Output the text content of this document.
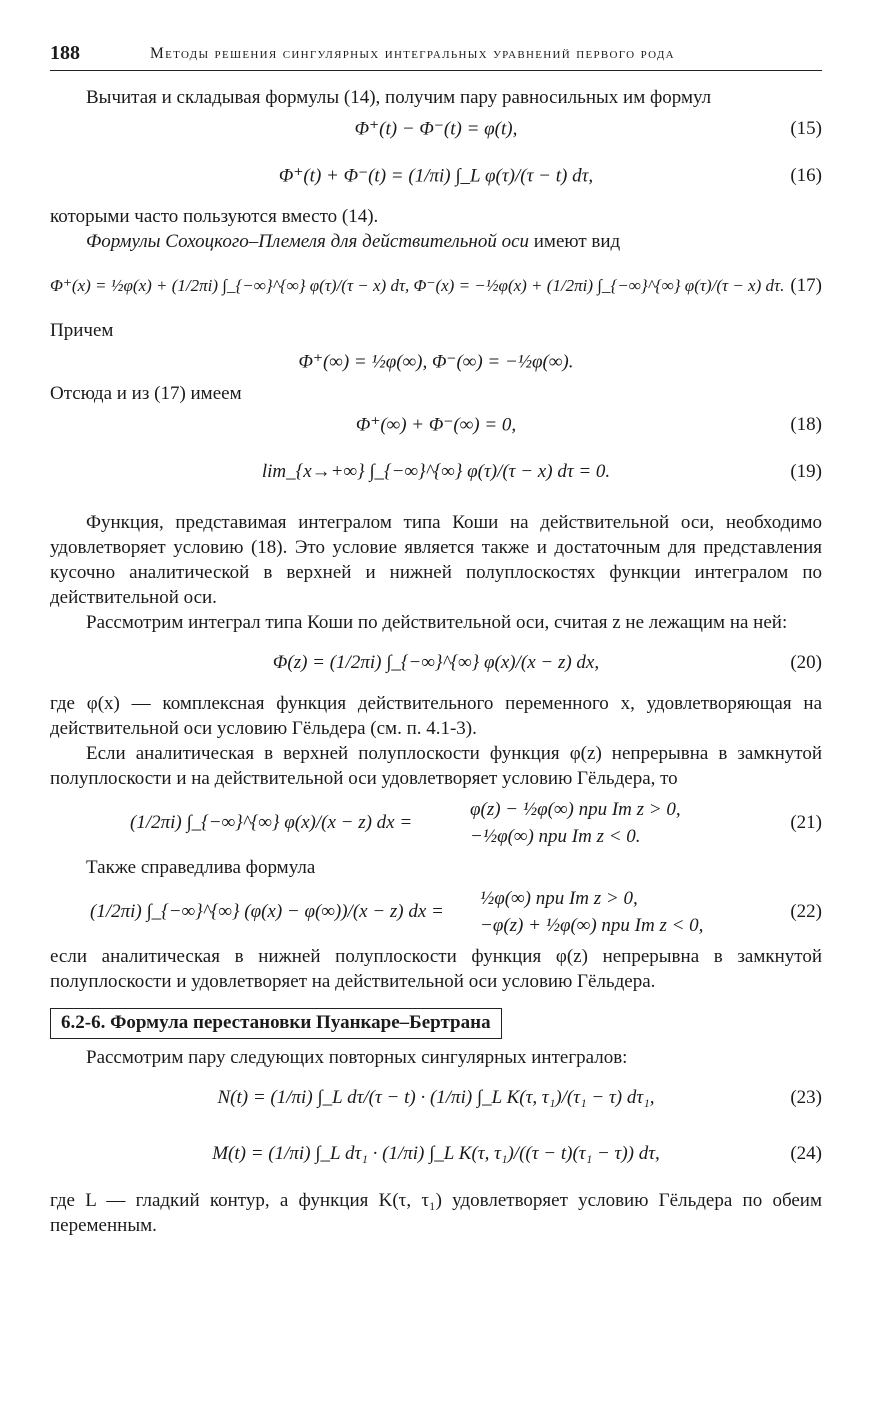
188	Методы решения сингулярных интегральных уравнений первого рода

Вычитая и складывая формулы (14), получим пару равносильных им формул

Φ⁺(t) − Φ⁻(t) = φ(t),	(15)
Φ⁺(t) + Φ⁻(t) = (1/πi) ∫_L φ(τ)/(τ − t) dτ,	(16)

которыми часто пользуются вместо (14).

Формулы Сохоцкого–Племеля для действительной оси имеют вид

Φ⁺(x) = ½φ(x) + (1/2πi) ∫_{−∞}^{∞} φ(τ)/(τ − x) dτ, Φ⁻(x) = −½φ(x) + (1/2πi) ∫_{−∞}^{∞} φ(τ)/(τ − x) dτ. (17)

Причем

Φ⁺(∞) = ½φ(∞), Φ⁻(∞) = −½φ(∞).

Отсюда и из (17) имеем

Φ⁺(∞) + Φ⁻(∞) = 0,	(18)
lim_{x→+∞} ∫_{−∞}^{∞} φ(τ)/(τ − x) dτ = 0.	(19)

Функция, представимая интегралом типа Коши на действительной оси, необходимо удовлетворяет условию (18). Это условие является также и достаточным для представления кусочно аналитической в верхней и нижней полуплоскостях функции интегралом по действительной оси.

Рассмотрим интеграл типа Коши по действительной оси, считая z не лежащим на ней:

Φ(z) = (1/2πi) ∫_{−∞}^{∞} φ(x)/(x − z) dx,	(20)

где φ(x) — комплексная функция действительного переменного x, удовлетворяющая на действительной оси условию Гёльдера (см. п. 4.1-3).

Если аналитическая в верхней полуплоскости функция φ(z) непрерывна в замкнутой полуплоскости и на действительной оси удовлетворяет условию Гёльдера, то

(1/2πi) ∫_{−∞}^{∞} φ(x)/(x − z) dx =
φ(z) − ½φ(∞) при Im z > 0,
−½φ(∞) при Im z < 0.
(21)

Также справедлива формула

(1/2πi) ∫_{−∞}^{∞} (φ(x) − φ(∞))/(x − z) dx =
½φ(∞) при Im z > 0,
−φ(z) + ½φ(∞) при Im z < 0,
(22)

если аналитическая в нижней полуплоскости функция φ(z) непрерывна в замкнутой полуплоскости и удовлетворяет на действительной оси условию Гёльдера.

6.2-6. Формула перестановки Пуанкаре–Бертрана

Рассмотрим пару следующих повторных сингулярных интегралов:

N(t) = (1/πi) ∫_L dτ/(τ − t) · (1/πi) ∫_L K(τ, τ₁)/(τ₁ − τ) dτ₁,	(23)
M(t) = (1/πi) ∫_L dτ₁ · (1/πi) ∫_L K(τ, τ₁)/((τ − t)(τ₁ − τ)) dτ,	(24)

где L — гладкий контур, а функция K(τ, τ₁) удовлетворяет условию Гёльдера по обеим переменным.
